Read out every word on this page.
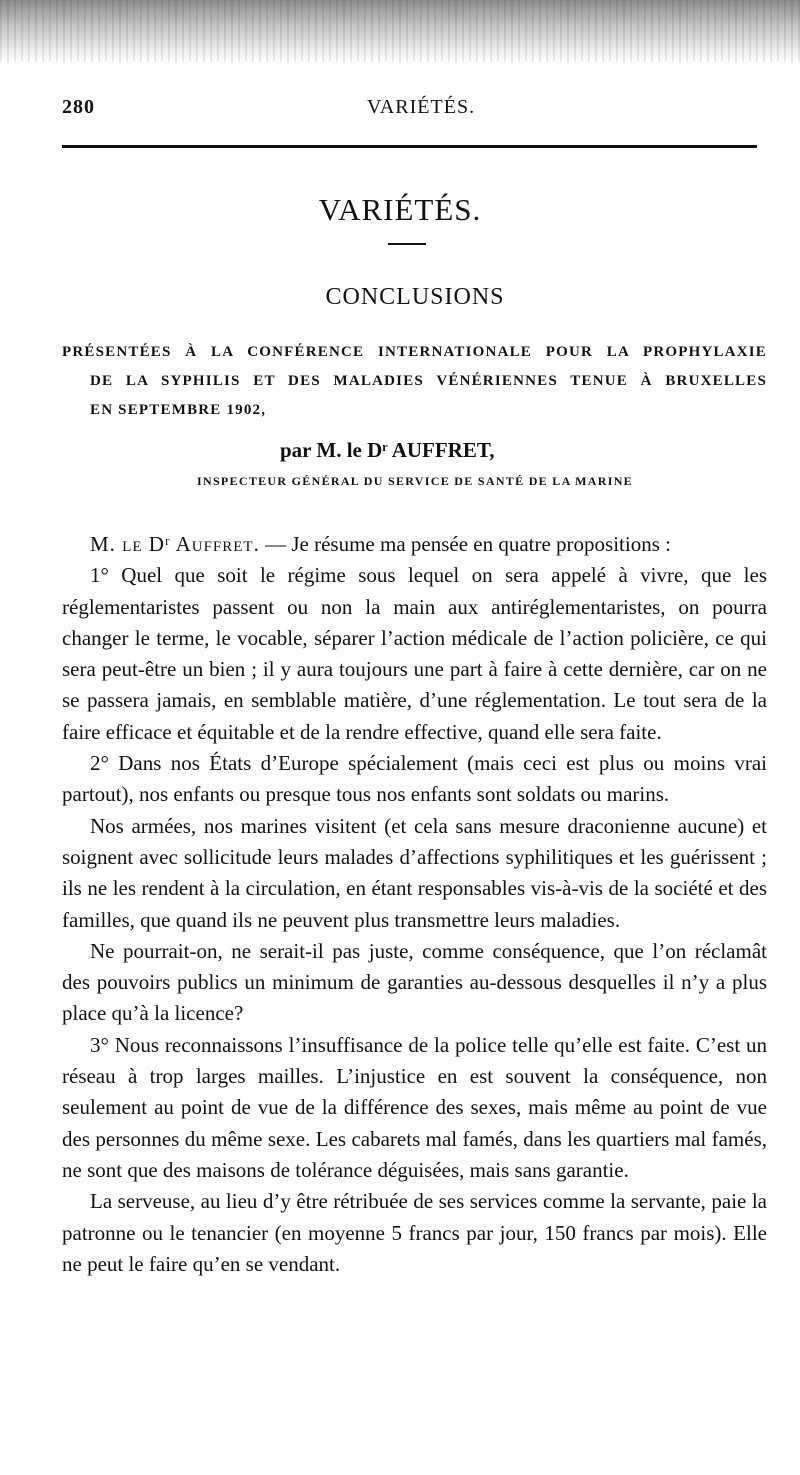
280	VARIÉTÉS.
VARIÉTÉS.
CONCLUSIONS
PRÉSENTÉES À LA CONFÉRENCE INTERNATIONALE POUR LA PROPHYLAXIE
DE LA SYPHILIS ET DES MALADIES VÉNÉRIENNES TENUE À BRUXELLES
EN SEPTEMBRE 1902,
par M. le Dʳ AUFFRET,
INSPECTEUR GÉNÉRAL DU SERVICE DE SANTÉ DE LA MARINE

M. le Dʳ Auffret. — Je résume ma pensée en quatre propositions :

1° Quel que soit le régime sous lequel on sera appelé à vivre, que les réglementaristes passent ou non la main aux antiréglementaristes, on pourra changer le terme, le vocable, séparer l’action médicale de l’action policière, ce qui sera peut-être un bien ; il y aura toujours une part à faire à cette dernière, car on ne se passera jamais, en semblable matière, d’une réglementation. Le tout sera de la faire efficace et équitable et de la rendre effective, quand elle sera faite.

2° Dans nos États d’Europe spécialement (mais ceci est plus ou moins vrai partout), nos enfants ou presque tous nos enfants sont soldats ou marins.

Nos armées, nos marines visitent (et cela sans mesure draconienne aucune) et soignent avec sollicitude leurs malades d’affections syphilitiques et les guérissent ; ils ne les rendent à la circulation, en étant responsables vis-à-vis de la société et des familles, que quand ils ne peuvent plus transmettre leurs maladies.

Ne pourrait-on, ne serait-il pas juste, comme conséquence, que l’on réclamât des pouvoirs publics un minimum de garanties au-dessous desquelles il n’y a plus place qu’à la licence?

3° Nous reconnaissons l’insuffisance de la police telle qu’elle est faite. C’est un réseau à trop larges mailles. L’injustice en est souvent la conséquence, non seulement au point de vue de la différence des sexes, mais même au point de vue des personnes du même sexe. Les cabarets mal famés, dans les quartiers mal famés, ne sont que des maisons de tolérance déguisées, mais sans garantie.

La serveuse, au lieu d’y être rétribuée de ses services comme la servante, paie la patronne ou le tenancier (en moyenne 5 francs par jour, 150 francs par mois). Elle ne peut le faire qu’en se vendant.
